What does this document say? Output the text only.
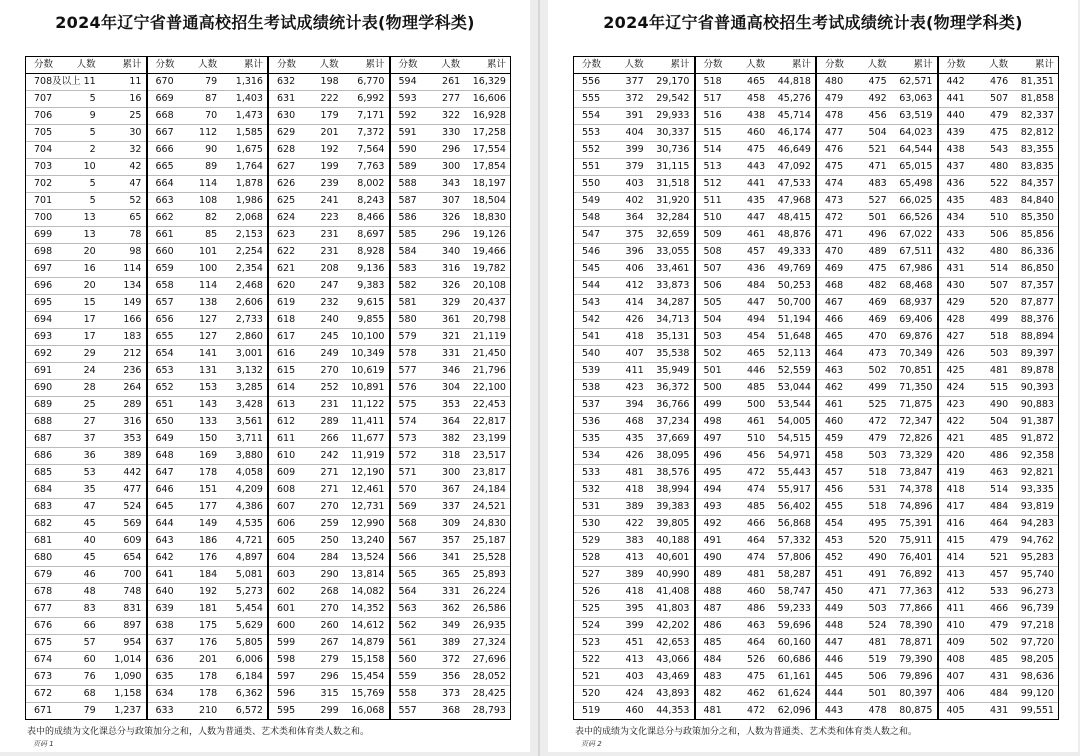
2024年辽宁省普通高校招生考试成绩统计表(物理学科类)
分数	人数	累计
708及以上 11	11
707	5	16
706	9	25
705	5	30
704	2	32
703	10	42
702	5	47
701	5	52
700	13	65
699	13	78
698	20	98
697	16	114
696	20	134
695	15	149
694	17	166
693	17	183
692	29	212
691	24	236
690	28	264
689	25	289
688	27	316
687	37	353
686	36	389
685	53	442
684	35	477
683	47	524
682	45	569
681	40	609
680	45	654
679	46	700
678	48	748
677	83	831
676	66	897
675	57	954
674	60	1,014
673	76	1,090
672	68	1,158
671	79	1,237
分数	人数	累计
670	79	1,316
669	87	1,403
668	70	1,473
667	112	1,585
666	90	1,675
665	89	1,764
664	114	1,878
663	108	1,986
662	82	2,068
661	85	2,153
660	101	2,254
659	100	2,354
658	114	2,468
657	138	2,606
656	127	2,733
655	127	2,860
654	141	3,001
653	131	3,132
652	153	3,285
651	143	3,428
650	133	3,561
649	150	3,711
648	169	3,880
647	178	4,058
646	151	4,209
645	177	4,386
644	149	4,535
643	186	4,721
642	176	4,897
641	184	5,081
640	192	5,273
639	181	5,454
638	175	5,629
637	176	5,805
636	201	6,006
635	178	6,184
634	178	6,362
633	210	6,572
分数	人数	累计
632	198	6,770
631	222	6,992
630	179	7,171
629	201	7,372
628	192	7,564
627	199	7,763
626	239	8,002
625	241	8,243
624	223	8,466
623	231	8,697
622	231	8,928
621	208	9,136
620	247	9,383
619	232	9,615
618	240	9,855
617	245	10,100
616	249	10,349
615	270	10,619
614	252	10,891
613	231	11,122
612	289	11,411
611	266	11,677
610	242	11,919
609	271	12,190
608	271	12,461
607	270	12,731
606	259	12,990
605	250	13,240
604	284	13,524
603	290	13,814
602	268	14,082
601	270	14,352
600	260	14,612
599	267	14,879
598	279	15,158
597	296	15,454
596	315	15,769
595	299	16,068
分数	人数	累计
594	261	16,329
593	277	16,606
592	322	16,928
591	330	17,258
590	296	17,554
589	300	17,854
588	343	18,197
587	307	18,504
586	326	18,830
585	296	19,126
584	340	19,466
583	316	19,782
582	326	20,108
581	329	20,437
580	361	20,798
579	321	21,119
578	331	21,450
577	346	21,796
576	304	22,100
575	353	22,453
574	364	22,817
573	382	23,199
572	318	23,517
571	300	23,817
570	367	24,184
569	337	24,521
568	309	24,830
567	357	25,187
566	341	25,528
565	365	25,893
564	331	26,224
563	362	26,586
562	349	26,935
561	389	27,324
560	372	27,696
559	356	28,052
558	373	28,425
557	368	28,793
表中的成绩为文化课总分与政策加分之和，人数为普通类、艺术类和体育类人数之和。
页码 1
2024年辽宁省普通高校招生考试成绩统计表(物理学科类)
分数	人数	累计
556	377	29,170
555	372	29,542
554	391	29,933
553	404	30,337
552	399	30,736
551	379	31,115
550	403	31,518
549	402	31,920
548	364	32,284
547	375	32,659
546	396	33,055
545	406	33,461
544	412	33,873
543	414	34,287
542	426	34,713
541	418	35,131
540	407	35,538
539	411	35,949
538	423	36,372
537	394	36,766
536	468	37,234
535	435	37,669
534	426	38,095
533	481	38,576
532	418	38,994
531	389	39,383
530	422	39,805
529	383	40,188
528	413	40,601
527	389	40,990
526	418	41,408
525	395	41,803
524	399	42,202
523	451	42,653
522	413	43,066
521	403	43,469
520	424	43,893
519	460	44,353
分数	人数	累计
518	465	44,818
517	458	45,276
516	438	45,714
515	460	46,174
514	475	46,649
513	443	47,092
512	441	47,533
511	435	47,968
510	447	48,415
509	461	48,876
508	457	49,333
507	436	49,769
506	484	50,253
505	447	50,700
504	494	51,194
503	454	51,648
502	465	52,113
501	446	52,559
500	485	53,044
499	500	53,544
498	461	54,005
497	510	54,515
496	456	54,971
495	472	55,443
494	474	55,917
493	485	56,402
492	466	56,868
491	464	57,332
490	474	57,806
489	481	58,287
488	460	58,747
487	486	59,233
486	463	59,696
485	464	60,160
484	526	60,686
483	475	61,161
482	462	61,624
481	472	62,096
分数	人数	累计
480	475	62,571
479	492	63,063
478	456	63,519
477	504	64,023
476	521	64,544
475	471	65,015
474	483	65,498
473	527	66,025
472	501	66,526
471	496	67,022
470	489	67,511
469	475	67,986
468	482	68,468
467	469	68,937
466	469	69,406
465	470	69,876
464	473	70,349
463	502	70,851
462	499	71,350
461	525	71,875
460	472	72,347
459	479	72,826
458	503	73,329
457	518	73,847
456	531	74,378
455	518	74,896
454	495	75,391
453	520	75,911
452	490	76,401
451	491	76,892
450	471	77,363
449	503	77,866
448	524	78,390
447	481	78,871
446	519	79,390
445	506	79,896
444	501	80,397
443	478	80,875
分数	人数	累计
442	476	81,351
441	507	81,858
440	479	82,337
439	475	82,812
438	543	83,355
437	480	83,835
436	522	84,357
435	483	84,840
434	510	85,350
433	506	85,856
432	480	86,336
431	514	86,850
430	507	87,357
429	520	87,877
428	499	88,376
427	518	88,894
426	503	89,397
425	481	89,878
424	515	90,393
423	490	90,883
422	504	91,387
421	485	91,872
420	486	92,358
419	463	92,821
418	514	93,335
417	484	93,819
416	464	94,283
415	479	94,762
414	521	95,283
413	457	95,740
412	533	96,273
411	466	96,739
410	479	97,218
409	502	97,720
408	485	98,205
407	431	98,636
406	484	99,120
405	431	99,551
表中的成绩为文化课总分与政策加分之和，人数为普通类、艺术类和体育类人数之和。
页码 2
